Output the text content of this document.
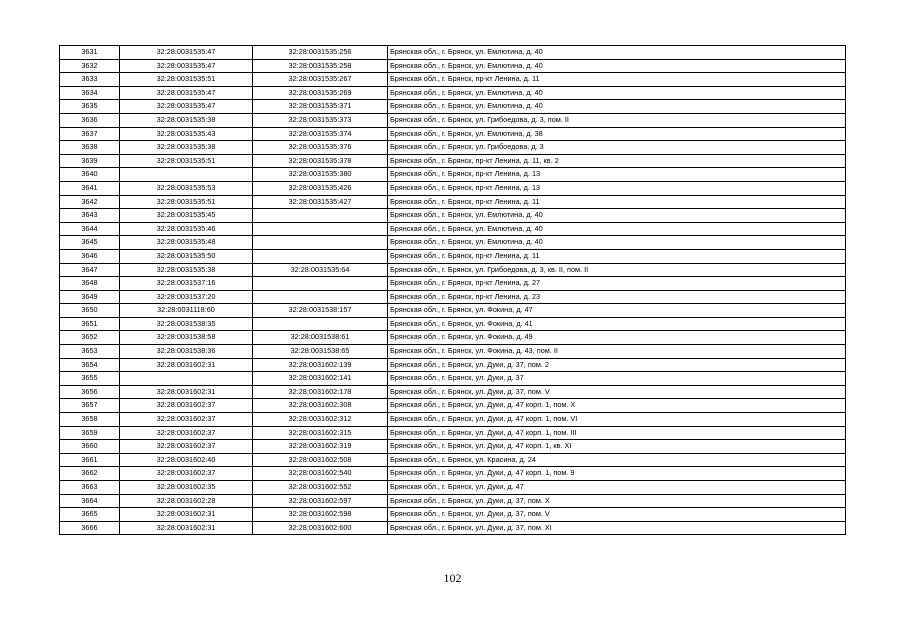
3631	32:28:0031535:47	32:28:0031535:256	Брянская обл., г. Брянск, ул. Емлютина, д. 40
3632	32:28:0031535:47	32:28:0031535:258	Брянская обл., г. Брянск, ул. Емлютина, д. 40
3633	32:28:0031535:51	32:28:0031535:267	Брянская обл., г. Брянск, пр-кт Ленина, д. 11
3634	32:28:0031535:47	32:28:0031535:269	Брянская обл., г. Брянск, ул. Емлютина, д. 40
3635	32:28:0031535:47	32:28:0031535:371	Брянская обл., г. Брянск, ул. Емлютина, д. 40
3636	32:28:0031535:38	32:28:0031535:373	Брянская обл., г. Брянск, ул. Грибоедова, д. 3, пом. II
3637	32:28:0031535:43	32:28:0031535:374	Брянская обл., г. Брянск, ул. Емлютина, д. 38
3638	32:28:0031535:38	32:28:0031535:376	Брянская обл., г. Брянск, ул. Грибоедова, д. 3
3639	32:28:0031535:51	32:28:0031535:378	Брянская обл., г. Брянск, пр-кт Ленина, д. 11, кв. 2
3640		32:28:0031535:380	Брянская обл., г. Брянск, пр-кт Ленина, д. 13
3641	32:28:0031535:53	32:28:0031535:426	Брянская обл., г. Брянск, пр-кт Ленина, д. 13
3642	32:28:0031535:51	32:28:0031535:427	Брянская обл., г. Брянск, пр-кт Ленина, д. 11
3643	32:28:0031535:45		Брянская обл., г. Брянск, ул. Емлютина, д. 40
3644	32:28:0031535:46		Брянская обл., г. Брянск, ул. Емлютина, д. 40
3645	32:28:0031535:48		Брянская обл., г. Брянск, ул. Емлютина, д. 40
3646	32:28:0031535:50		Брянская обл., г. Брянск, пр-кт Ленина, д. 11
3647	32:28:0031535:38	32:28:0031535:64	Брянская обл., г. Брянск, ул. Грибоедова, д. 3, кв. II, пом. II
3648	32:28:0031537:16		Брянская обл., г. Брянск, пр-кт Ленина, д. 27
3649	32:28:0031537:20		Брянская обл., г. Брянск, пр-кт Ленина, д. 23
3650	32:28:0031118:60	32:28:0031538:157	Брянская обл., г. Брянск, ул. Фокина, д. 47
3651	32:28:0031538:35		Брянская обл., г. Брянск, ул. Фокина, д. 41
3652	32:28:0031538:58	32:28:0031538:61	Брянская обл., г. Брянск, ул. Фокина, д. 49
3653	32:28:0031538:36	32:28:0031538:65	Брянская обл., г. Брянск, ул. Фокина, д. 43, пом. II
3654	32:28:0031602:31	32:28:0031602:139	Брянская обл., г. Брянск, ул. Дуки, д. 37, пом. 2
3655		32:28:0031602:141	Брянская обл., г. Брянск, ул. Дуки, д. 37
3656	32:28:0031602:31	32:28:0031602:178	Брянская обл., г. Брянск, ул. Дуки, д. 37, пом. V
3657	32:28:0031602:37	32:28:0031602:308	Брянская обл., г. Брянск, ул. Дуки, д. 47 корп. 1, пом. X
3658	32:28:0031602:37	32:28:0031602:312	Брянская обл., г. Брянск, ул. Дуки, д. 47 корп. 1, пом. VI
3659	32:28:0031602:37	32:28:0031602:315	Брянская обл., г. Брянск, ул. Дуки, д. 47 корп. 1, пом. III
3660	32:28:0031602:37	32:28:0031602:319	Брянская обл., г. Брянск, ул. Дуки, д. 47 корп. 1, кв. XI
3661	32:28:0031602:40	32:28:0031602:508	Брянская обл., г. Брянск, ул. Красина, д. 24
3662	32:28:0031602:37	32:28:0031602:540	Брянская обл., г. Брянск, ул. Дуки, д. 47 корп. 1, пом. 9
3663	32:28:0031602:35	32:28:0031602:552	Брянская обл., г. Брянск, ул. Дуки, д. 47
3664	32:28:0031602:28	32:28:0031602:597	Брянская обл., г. Брянск, ул. Дуки, д. 37, пом. X
3665	32:28:0031602:31	32:28:0031602:598	Брянская обл., г. Брянск, ул. Дуки, д. 37, пом. V
3666	32:28:0031602:31	32:28:0031602:600	Брянская обл., г. Брянск, ул. Дуки, д. 37, пом. XI
102
